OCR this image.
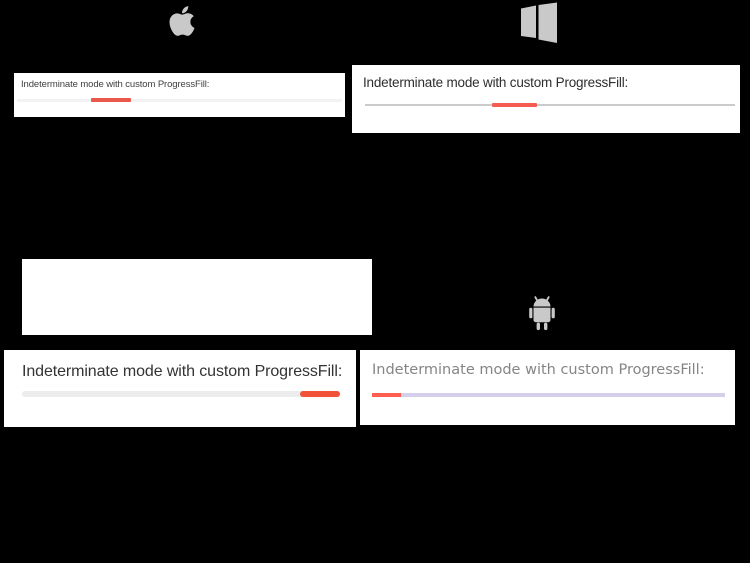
Indeterminate mode with custom ProgressFill:	Indeterminate mode with custom ProgressFill:
Indeterminate mode with custom ProgressFill: Indeterminate mode with custom ProgressFill:
